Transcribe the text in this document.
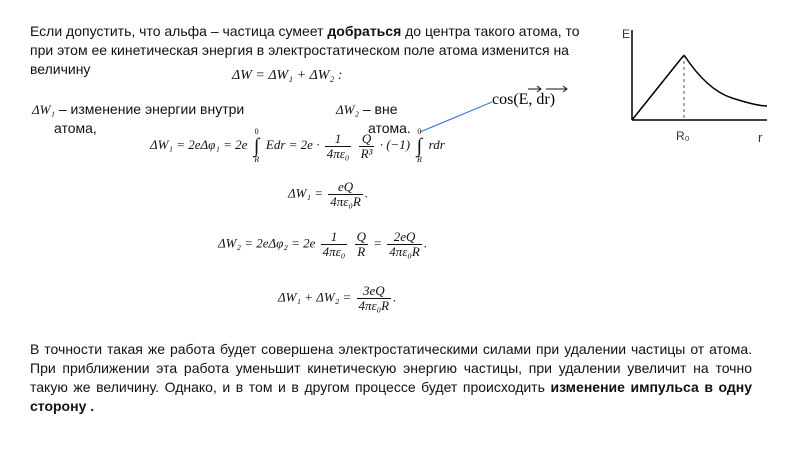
Если допустить, что альфа – частица сумеет добраться до центра такого атома, то при этом ее кинетическая энергия в электростатическом поле атома изменится на величину	ΔW = ΔW₁ + ΔW₂ :
cos(E, dr)
ΔW₁ – изменение энергии внутри
атома,
ΔW₂ – вне
атома.
ΔW₁ = 2eΔφ₁ = 2e
0
∫
R
Edr = $2e \cdot \frac{1}{\text{4πε₀}}$
$\frac{Q}{\text{R³}} \cdot (-1)$
0
∫
R
rdr
$\Delta W_1 = \frac{eQ}{\text{4πε₀R}}$ .
$\Delta W_2 = 2e\Delta\varphi_2 = 2e \frac{1}{\text{4πε₀}}$
$\frac{Q}{R} = \frac{2eQ}{\text{4πε₀R}}$ .
$\Delta W_1 + \Delta W_2 = \frac{3eQ}{\text{4πε₀R}}$ .
В точности такая же работа будет совершена электростатическими силами при удалении частицы от атома. При приближении эта работа уменьшит кинетическую энергию частицы, при удалении увеличит на точно такую же величину. Однако, и в том и в другом процессе будет происходить изменение импульса в одну сторону .
E
r
R₀
